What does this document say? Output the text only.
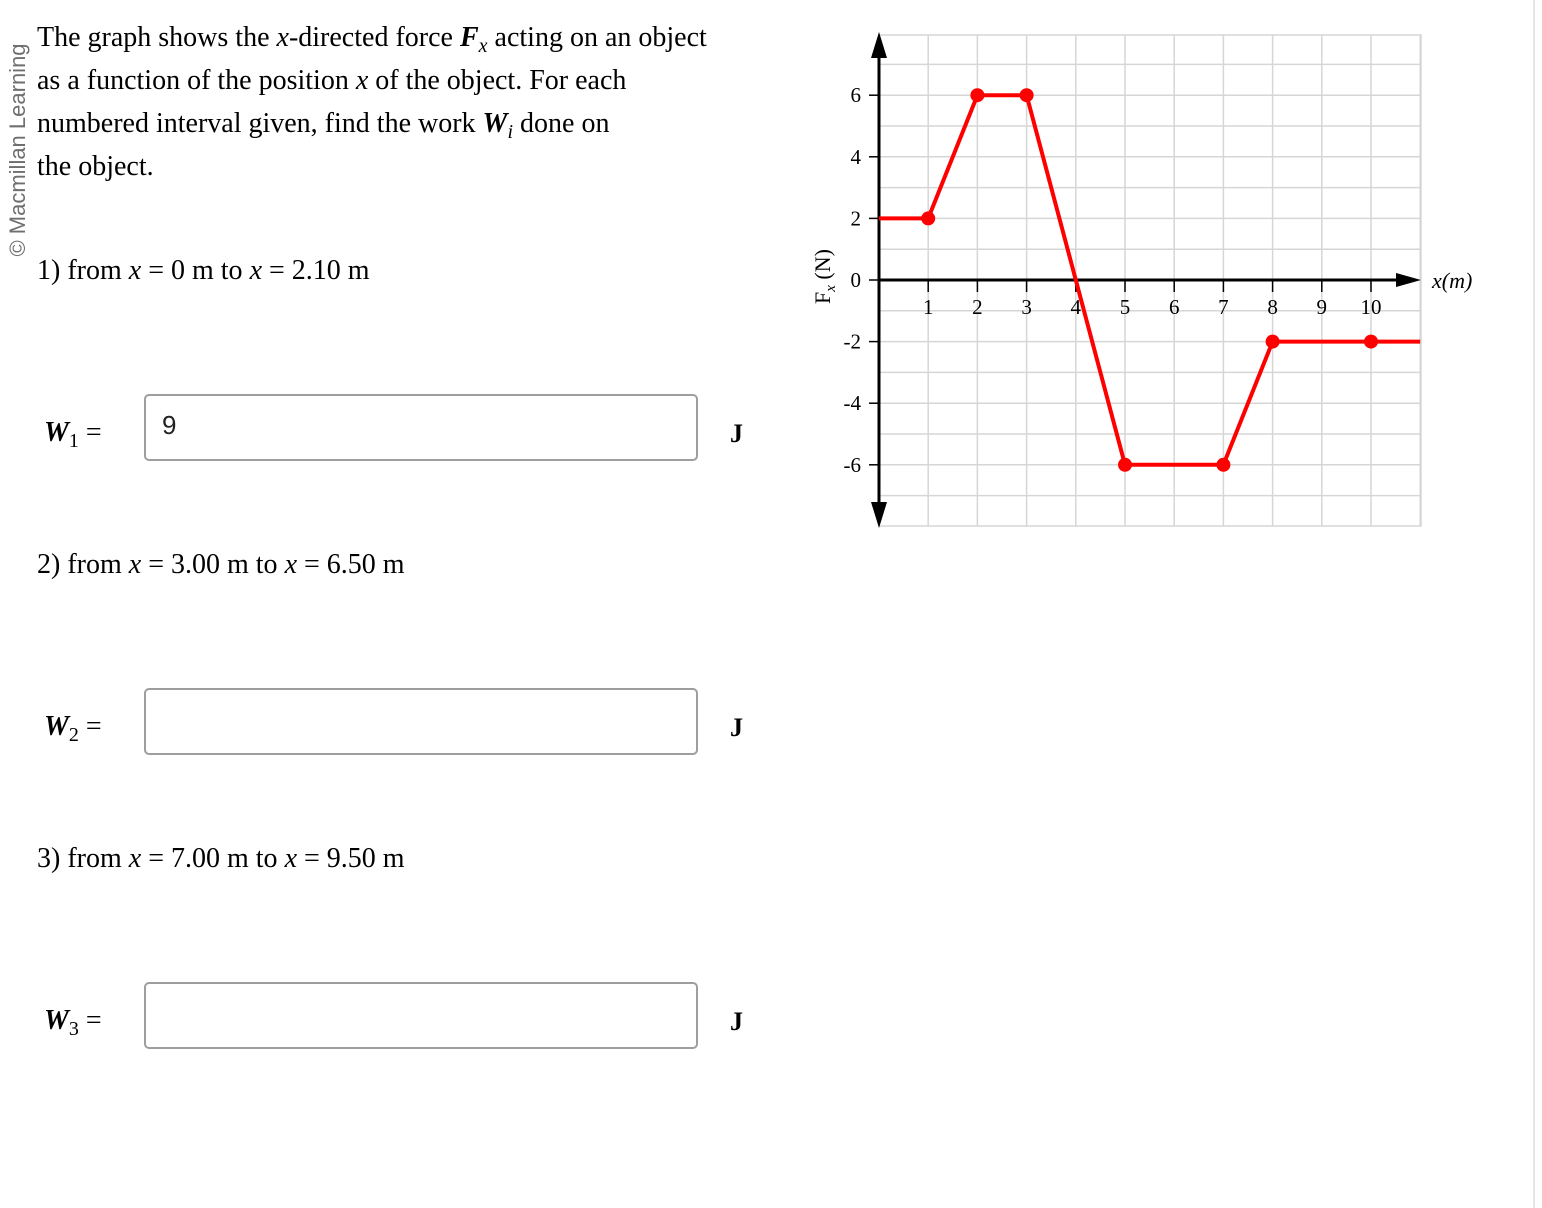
© Macmillan Learning
The graph shows the x-directed force $F_x$ acting on an object
as a function of the position x of the object. For each
numbered interval given, find the work $W_i$ done on
the object.
1) from x = 0 m to x = 2.10 m
$W_1$ =	9	J
2) from x = 3.00 m to x = 6.50 m
$W_2$ =	J
3) from x = 7.00 m to x = 9.50 m
$W_3$ =	J
1 2 3 4 5 6 7 8 9 10
6
4
2
0
-2
-4
-6
x(m)
$F_x$ (N)
